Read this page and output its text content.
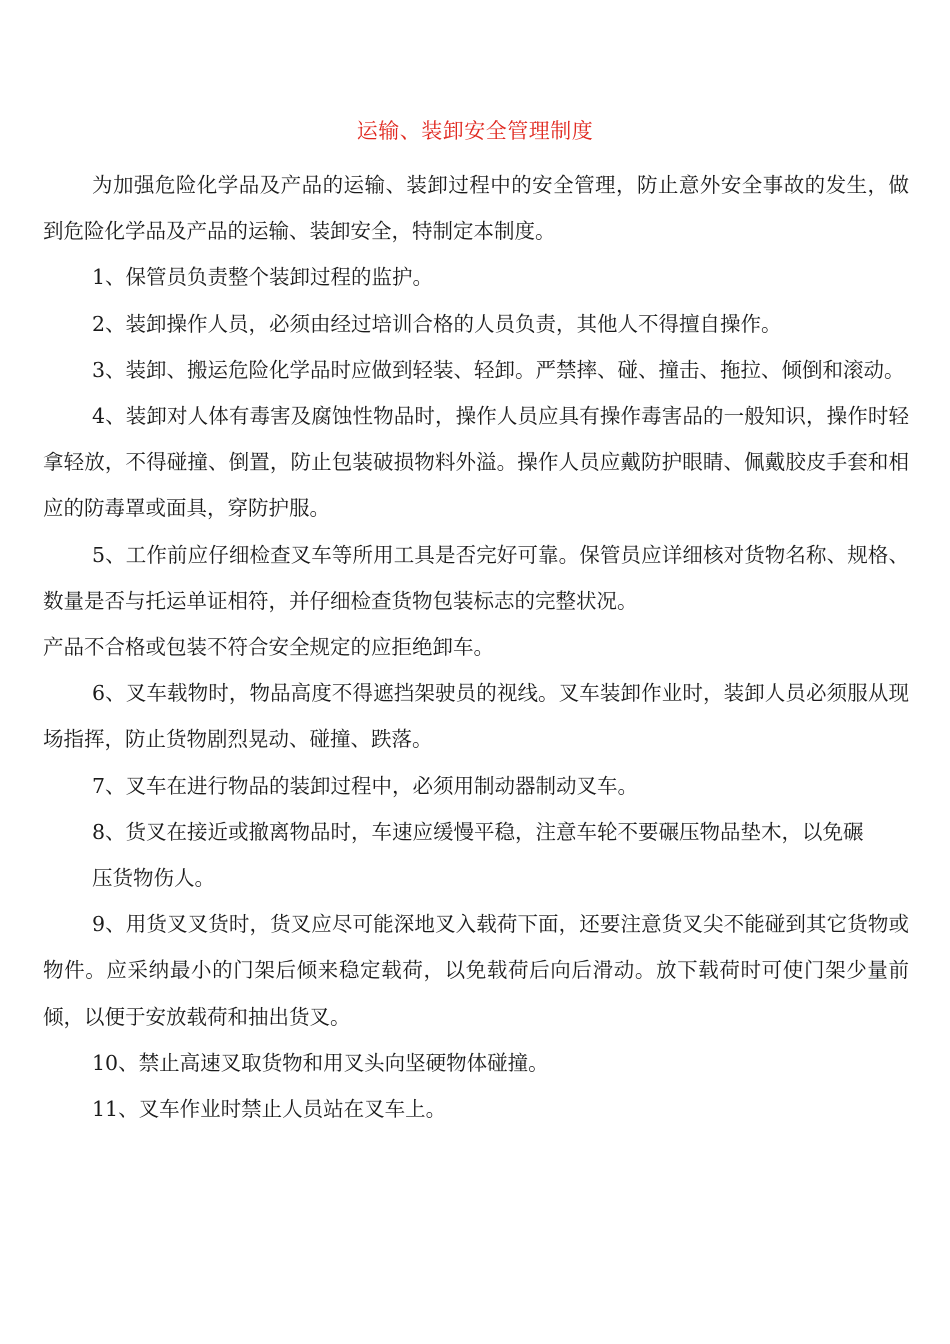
运输、装卸安全管理制度

为加强危险化学品及产品的运输、装卸过程中的安全管理，防止意外安全事故的发生，做到危险化学品及产品的运输、装卸安全，特制定本制度。

1、保管员负责整个装卸过程的监护。

2、装卸操作人员，必须由经过培训合格的人员负责，其他人不得擅自操作。

3、装卸、搬运危险化学品时应做到轻装、轻卸。严禁摔、碰、撞击、拖拉、倾倒和滚动。

4、装卸对人体有毒害及腐蚀性物品时，操作人员应具有操作毒害品的一般知识，操作时轻拿轻放，不得碰撞、倒置，防止包装破损物料外溢。操作人员应戴防护眼睛、佩戴胶皮手套和相应的防毒罩或面具，穿防护服。

5、工作前应仔细检查叉车等所用工具是否完好可靠。保管员应详细核对货物名称、规格、数量是否与托运单证相符，并仔细检查货物包装标志的完整状况。

产品不合格或包装不符合安全规定的应拒绝卸车。

6、叉车载物时，物品高度不得遮挡架驶员的视线。叉车装卸作业时，装卸人员必须服从现场指挥，防止货物剧烈晃动、碰撞、跌落。

7、叉车在进行物品的装卸过程中，必须用制动器制动叉车。

8、货叉在接近或撤离物品时，车速应缓慢平稳，注意车轮不要碾压物品垫木，以免碾

压货物伤人。

9、用货叉叉货时，货叉应尽可能深地叉入载荷下面，还要注意货叉尖不能碰到其它货物或物件。应采纳最小的门架后倾来稳定载荷，以免载荷后向后滑动。放下载荷时可使门架少量前倾，以便于安放载荷和抽出货叉。

10、禁止高速叉取货物和用叉头向坚硬物体碰撞。

11、叉车作业时禁止人员站在叉车上。
